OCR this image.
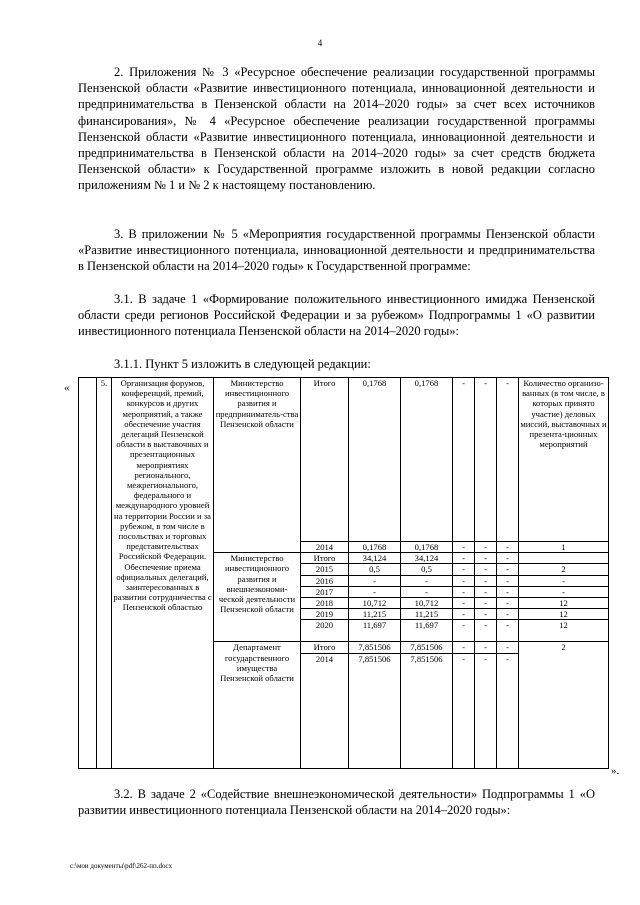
4

2. Приложения № 3 «Ресурсное обеспечение реализации государственной программы Пензенской области «Развитие инвестиционного потенциала, инновационной деятельности и предпринимательства в Пензенской области на 2014–2020 годы» за счет всех источников финансирования», № 4 «Ресурсное обеспечение реализации государственной программы Пензенской области «Развитие инвестиционного потенциала, инновационной деятельности и предпринимательства в Пензенской области на 2014–2020 годы» за счет средств бюджета Пензенской области» к Государственной программе изложить в новой редакции согласно приложениям № 1 и № 2 к настоящему постановлению.

3. В приложении № 5 «Мероприятия государственной программы Пензенской области «Развитие инвестиционного потенциала, инновационной деятельности и предпринимательства в Пензенской области на 2014–2020 годы» к Государственной программе:

3.1. В задаче 1 «Формирование положительного инвестиционного имиджа Пензенской области среди регионов Российской Федерации и за рубежом» Подпрограммы 1 «О развитии инвестиционного потенциала Пензенской области на 2014–2020 годы»:

3.1.1. Пункт 5 изложить в следующей редакции:

«
		5.	Организация форумов, конференций, премий, конкурсов и других мероприятий, а также обеспечение участия делегаций Пензенской области в выставочных и презентационных мероприятиях регионального, межрегионального, федерального и международного уровней на территории России и за рубежом, в том числе в посольствах и торговых представительствах Российской Федерации. Обеспечение приема официальных делегаций, заинтересованных в развитии сотрудничества с Пензенской областью	Министерство инвестиционного развития и предприниматель-ства Пензенской области	Итого	0,1768	0,1768	-	-	-	Количество организо-ванных (в том числе, в которых принято участие) деловых миссий, выставочных и презента-ционных мероприятий
				2014	0,1768	0,1768	-	-	-	1
			Министерство инвестиционного развития и внешнеэкономи-ческой деятельности Пензенской области	Итого	34,124	34,124	-	-	-	
				2015	0,5	0,5	-	-	-	2
				2016	-	-	-	-	-	-
				2017	-	-	-	-	-	-
				2018	10,712	10,712	-	-	-	12
				2019	11,215	11,215	-	-	-	12
				2020	11,697	11,697	-	-	-	12
			Департамент государственного имущества Пензенской области	Итого	7,851506	7,851506	-	-	-	2
				2014	7,851506	7,851506	-	-	-	
».

3.2. В задаче 2 «Содействие внешнеэкономической деятельности» Подпрограммы 1 «О развитии инвестиционного потенциала Пензенской области на 2014–2020 годы»:

c:\мои документы\pdf\262-пп.docx
